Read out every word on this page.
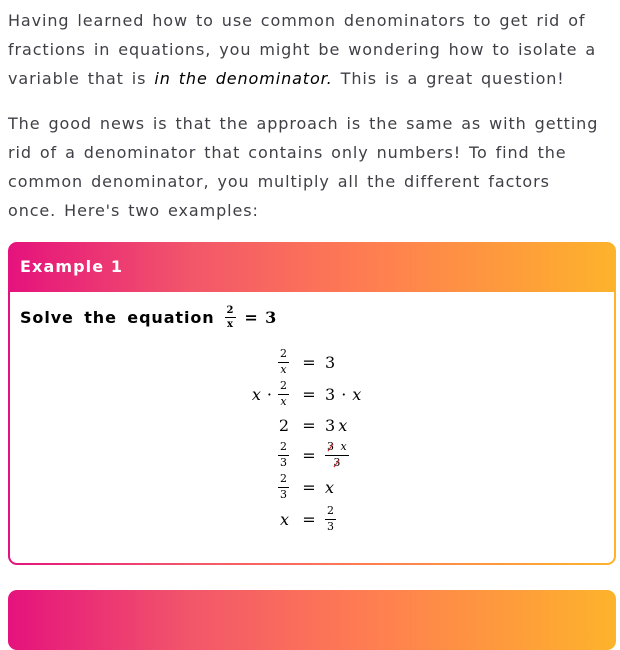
Having learned how to use common denominators to get rid of fractions in equations, you might be wondering how to isolate a variable that is in the denominator. This is a great question!

The good news is that the approach is the same as with getting rid of a denominator that contains only numbers! To find the common denominator, you multiply all the different factors once. Here's two examples:

Example 1
Solve the equation $\frac{2}{x} = 3$
$\frac{2}{x} = 3$
$x \cdot \frac{2}{x} = 3 \cdot x$
2 = 3 x
$\frac{2}{3} = \frac{3 x}{3}$
$\frac{2}{3} = x$
$x = \frac{2}{3}$
